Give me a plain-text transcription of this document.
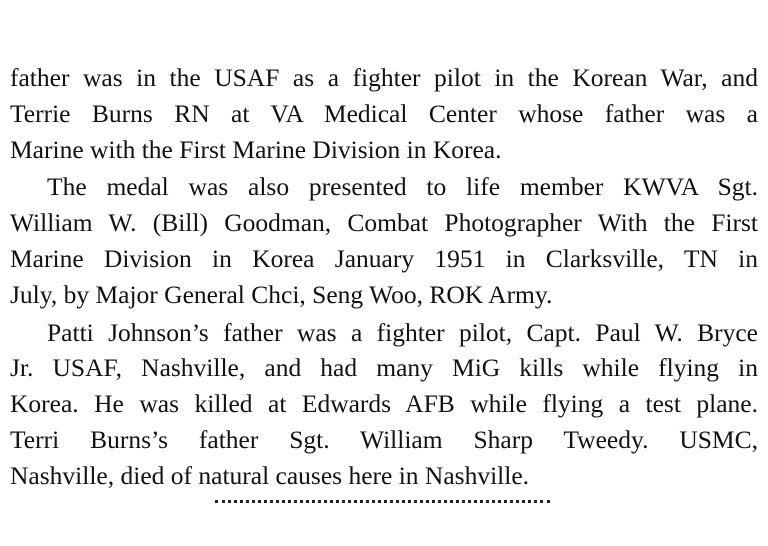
father was in the USAF as a fighter pilot in the Korean War, and
Terrie Burns RN at VA Medical Center whose father was a
Marine with the First Marine Division in Korea.

The medal was also presented to life member KWVA Sgt.
William W. (Bill) Goodman, Combat Photographer With the First
Marine Division in Korea January 1951 in Clarksville, TN in
July, by Major General Chci, Seng Woo, ROK Army.

Patti Johnson’s father was a fighter pilot, Capt. Paul W. Bryce
Jr. USAF, Nashville, and had many MiG kills while flying in
Korea. He was killed at Edwards AFB while flying a test plane.
Terri Burns’s father Sgt. William Sharp Tweedy. USMC,
Nashville, died of natural causes here in Nashville.
